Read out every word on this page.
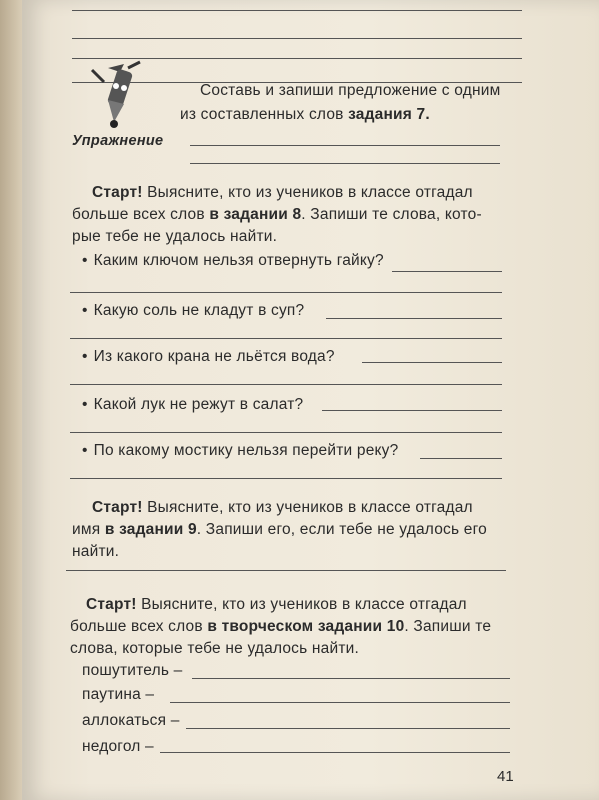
Упражнение
Составь и запиши предложение с одним
из составленных слов задания 7.
Старт! Выясните, кто из учеников в классе отгадал
больше всех слов в задании 8. Запиши те слова, кото-
рые тебе не удалось найти.
• Каким ключом нельзя отвернуть гайку?
• Какую соль не кладут в суп?
• Из какого крана не льётся вода?
• Какой лук не режут в салат?
• По какому мостику нельзя перейти реку?
Старт! Выясните, кто из учеников в классе отгадал
имя в задании 9. Запиши его, если тебе не удалось его
найти.
Старт! Выясните, кто из учеников в классе отгадал
больше всех слов в творческом задании 10. Запиши те
слова, которые тебе не удалось найти.
пошутитель –
паутина –
аллокаться –
недогол –
41
